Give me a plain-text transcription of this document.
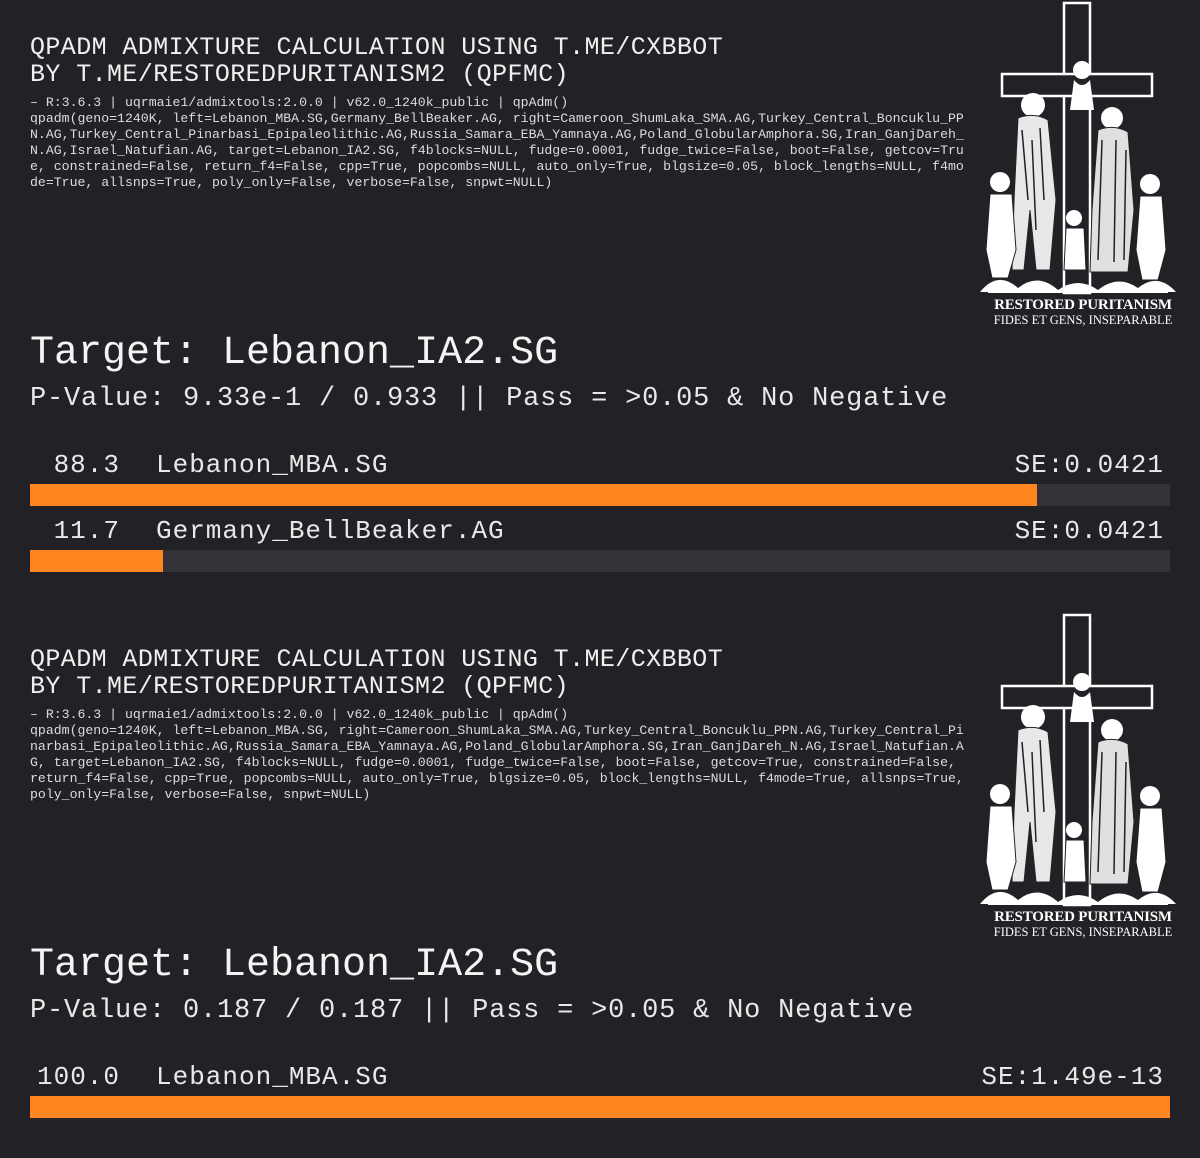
QPADM ADMIXTURE CALCULATION USING T.ME/CXBBOT
BY T.ME/RESTOREDPURITANISM2 (QPFMC)
– R:3.6.3 | uqrmaie1/admixtools:2.0.0 | v62.0_1240k_public | qpAdm()
qpadm(geno=1240K, left=Lebanon_MBA.SG,Germany_BellBeaker.AG, right=Cameroon_ShumLaka_SMA.AG,Turkey_Central_Boncuklu_PPN.AG,Turkey_Central_Pinarbasi_Epipaleolithic.AG,Russia_Samara_EBA_Yamnaya.AG,Poland_GlobularAmphora.SG,Iran_GanjDareh_N.AG,Israel_Natufian.AG, target=Lebanon_IA2.SG, f4blocks=NULL, fudge=0.0001, fudge_twice=False, boot=False, getcov=True, constrained=False, return_f4=False, cpp=True, popcombs=NULL, auto_only=True, blgsize=0.05, block_lengths=NULL, f4mode=True, allsnps=True, poly_only=False, verbose=False, snpwt=NULL)
RESTORED PURITANISM
FIDES ET GENS, INSEPARABLE
Target: Lebanon_IA2.SG
P-Value: 9.33e-1 / 0.933 || Pass = >0.05 & No Negative
88.3 Lebanon_MBA.SG	SE:0.0421
11.7 Germany_BellBeaker.AG	SE:0.0421
QPADM ADMIXTURE CALCULATION USING T.ME/CXBBOT
BY T.ME/RESTOREDPURITANISM2 (QPFMC)
– R:3.6.3 | uqrmaie1/admixtools:2.0.0 | v62.0_1240k_public | qpAdm()
qpadm(geno=1240K, left=Lebanon_MBA.SG, right=Cameroon_ShumLaka_SMA.AG,Turkey_Central_Boncuklu_PPN.AG,Turkey_Central_Pinarbasi_Epipaleolithic.AG,Russia_Samara_EBA_Yamnaya.AG,Poland_GlobularAmphora.SG,Iran_GanjDareh_N.AG,Israel_Natufian.AG, target=Lebanon_IA2.SG, f4blocks=NULL, fudge=0.0001, fudge_twice=False, boot=False, getcov=True, constrained=False, return_f4=False, cpp=True, popcombs=NULL, auto_only=True, blgsize=0.05, block_lengths=NULL, f4mode=True, allsnps=True, poly_only=False, verbose=False, snpwt=NULL)
RESTORED PURITANISM
FIDES ET GENS, INSEPARABLE
Target: Lebanon_IA2.SG
P-Value: 0.187 / 0.187 || Pass = >0.05 & No Negative
100.0 Lebanon_MBA.SG	SE:1.49e-13
